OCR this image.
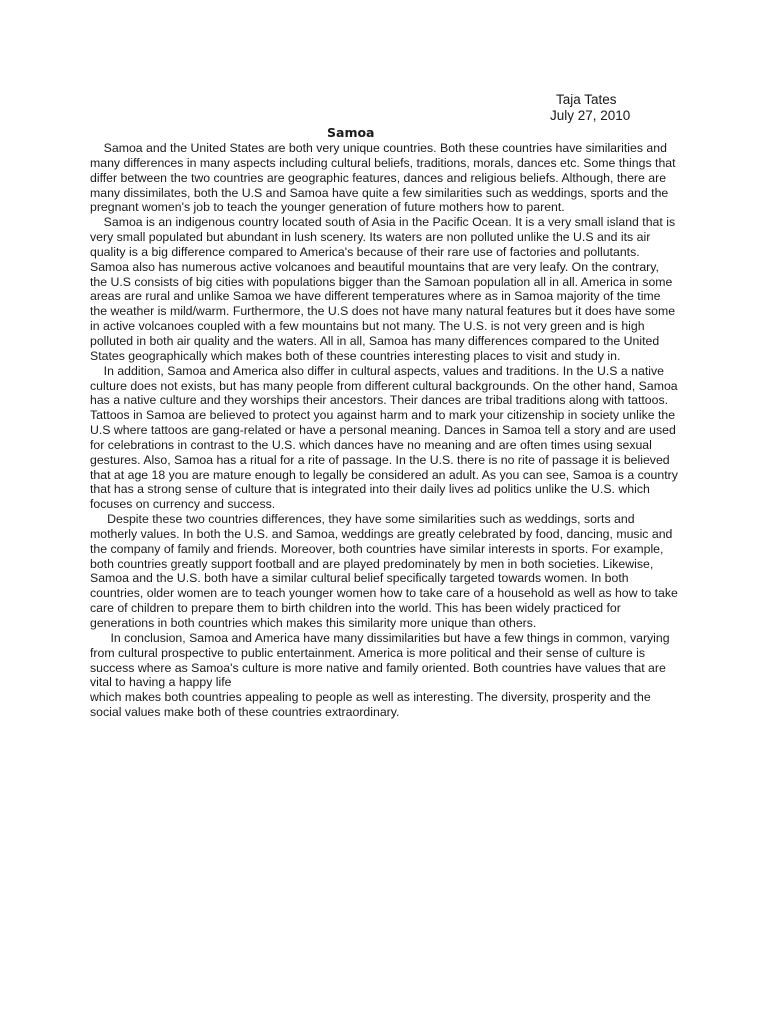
Taja Tates

July 27, 2010

Samoa

Samoa and the United States are both very unique countries. Both these countries have similarities and many differences in many aspects including cultural beliefs, traditions, morals, dances etc. Some things that differ between the two countries are geographic features, dances and religious beliefs. Although, there are many dissimilates, both the U.S and Samoa have quite a few similarities such as weddings, sports and the pregnant women's job to teach the younger generation of future mothers how to parent.

Samoa is an indigenous country located south of Asia in the Pacific Ocean. It is a very small island that is very small populated but abundant in lush scenery. Its waters are non polluted unlike the U.S and its air quality is a big difference compared to America's because of their rare use of factories and pollutants. Samoa also has numerous active volcanoes and beautiful mountains that are very leafy. On the contrary, the U.S consists of big cities with populations bigger than the Samoan population all in all. America in some areas are rural and unlike Samoa we have different temperatures where as in Samoa majority of the time the weather is mild/warm. Furthermore, the U.S does not have many natural features but it does have some in active volcanoes coupled with a few mountains but not many. The U.S. is not very green and is high polluted in both air quality and the waters. All in all, Samoa has many differences compared to the United States geographically which makes both of these countries interesting places to visit and study in.

In addition, Samoa and America also differ in cultural aspects, values and traditions. In the U.S a native culture does not exists, but has many people from different cultural backgrounds. On the other hand, Samoa has a native culture and they worships their ancestors. Their dances are tribal traditions along with tattoos. Tattoos in Samoa are believed to protect you against harm and to mark your citizenship in society unlike the U.S where tattoos are gang-related or have a personal meaning. Dances in Samoa tell a story and are used for celebrations in contrast to the U.S. which dances have no meaning and are often times using sexual gestures. Also, Samoa has a ritual for a rite of passage. In the U.S. there is no rite of passage it is believed that at age 18 you are mature enough to legally be considered an adult. As you can see, Samoa is a country that has a strong sense of culture that is integrated into their daily lives ad politics unlike the U.S. which focuses on currency and success.

Despite these two countries differences, they have some similarities such as weddings, sorts and motherly values. In both the U.S. and Samoa, weddings are greatly celebrated by food, dancing, music and the company of family and friends. Moreover, both countries have similar interests in sports. For example, both countries greatly support football and are played predominately by men in both societies. Likewise, Samoa and the U.S. both have a similar cultural belief specifically targeted towards women. In both countries, older women are to teach younger women how to take care of a household as well as how to take care of children to prepare them to birth children into the world. This has been widely practiced for generations in both countries which makes this similarity more unique than others.

In conclusion, Samoa and America have many dissimilarities but have a few things in common, varying from cultural prospective to public entertainment. America is more political and their sense of culture is success where as Samoa's culture is more native and family oriented. Both countries have values that are vital to having a happy life
which makes both countries appealing to people as well as interesting. The diversity, prosperity and the social values make both of these countries extraordinary.
